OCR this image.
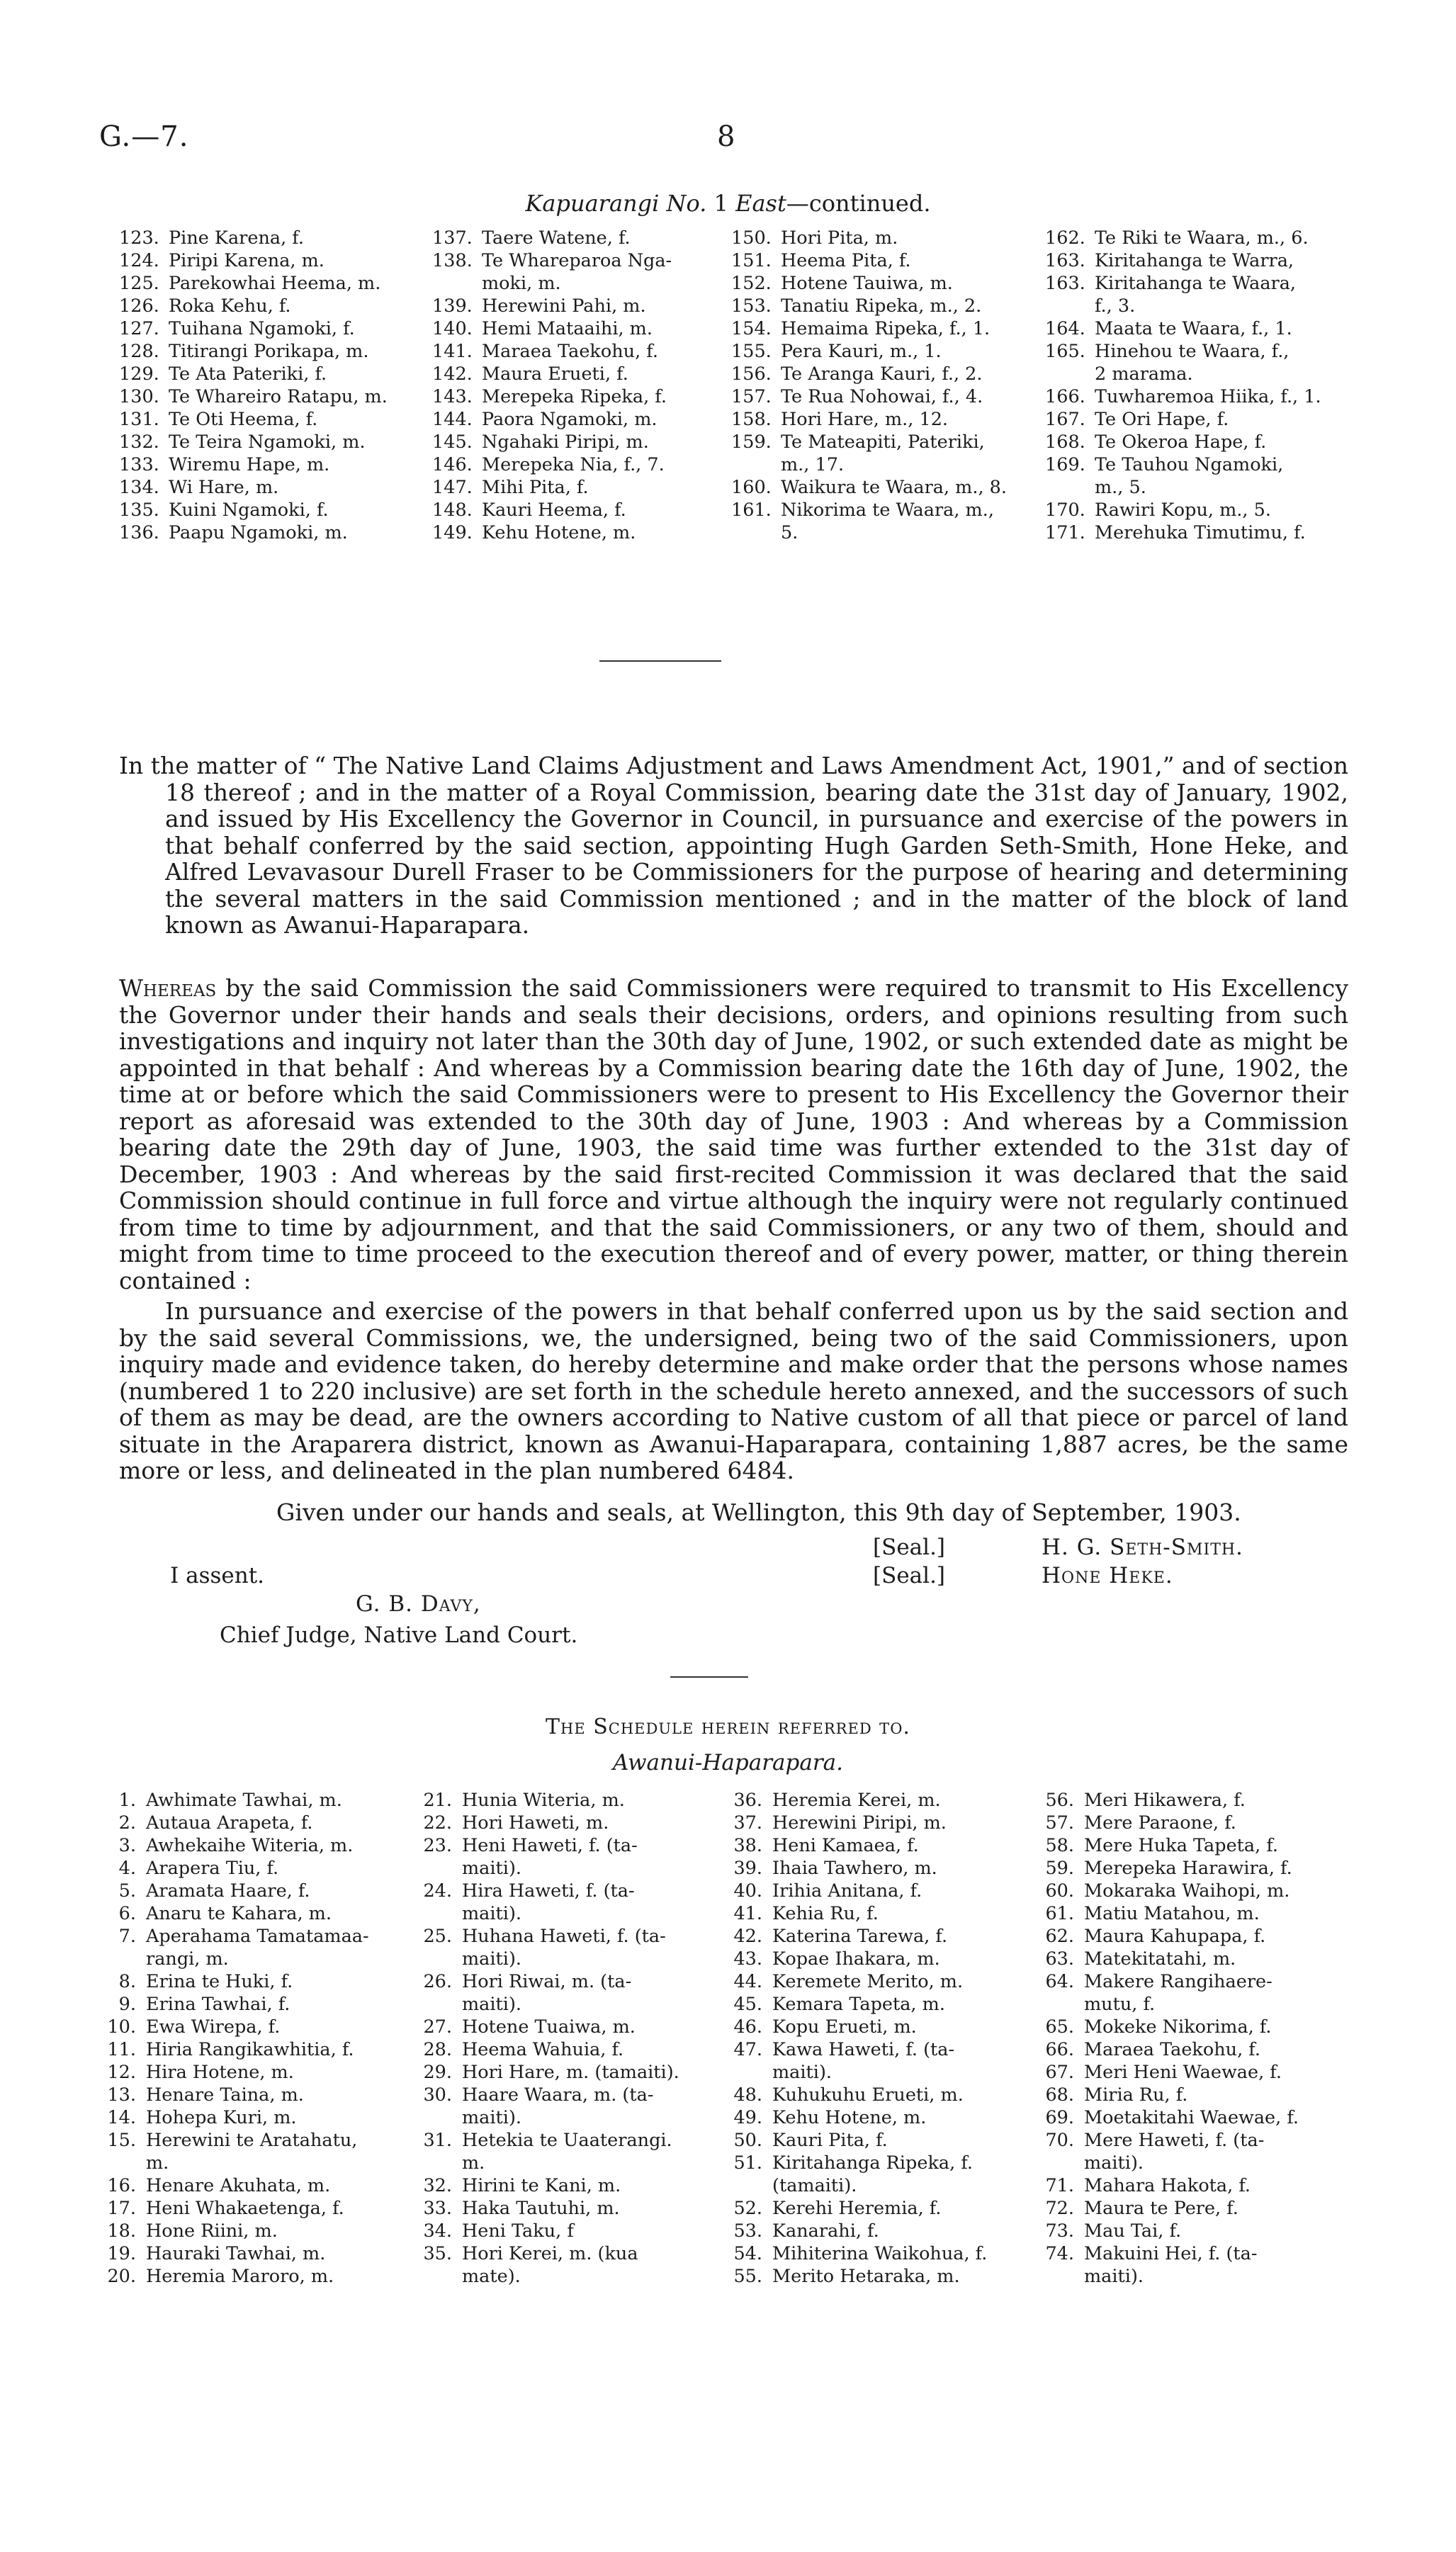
G.—7.	8
Kapuarangi No. 1 East—continued.
123. Pine Karena, f.
124. Piripi Karena, m.
125. Parekowhai Heema, m.
126. Roka Kehu, f.
127. Tuihana Ngamoki, f.
128. Titirangi Porikapa, m.
129. Te Ata Pateriki, f.
130. Te Whareiro Ratapu, m.
131. Te Oti Heema, f.
132. Te Teira Ngamoki, m.
133. Wiremu Hape, m.
134. Wi Hare, m.
135. Kuini Ngamoki, f.
136. Paapu Ngamoki, m.
137. Taere Watene, f.
138. Te Whareparoa Nga-
moki, m.
139. Herewini Pahi, m.
140. Hemi Mataaihi, m.
141. Maraea Taekohu, f.
142. Maura Erueti, f.
143. Merepeka Ripeka, f.
144. Paora Ngamoki, m.
145. Ngahaki Piripi, m.
146. Merepeka Nia, f., 7.
147. Mihi Pita, f.
148. Kauri Heema, f.
149. Kehu Hotene, m.
150. Hori Pita, m.
151. Heema Pita, f.
152. Hotene Tauiwa, m.
153. Tanatiu Ripeka, m., 2.
154. Hemaima Ripeka, f., 1.
155. Pera Kauri, m., 1.
156. Te Aranga Kauri, f., 2.
157. Te Rua Nohowai, f., 4.
158. Hori Hare, m., 12.
159. Te Mateapiti, Pateriki,
m., 17.
160. Waikura te Waara, m., 8.
161. Nikorima te Waara, m.,
5.
162. Te Riki te Waara, m., 6.
163. Kiritahanga te Warra,
163. Kiritahanga te Waara,
f., 3.
164. Maata te Waara, f., 1.
165. Hinehou te Waara, f.,
2 marama.
166. Tuwharemoa Hiika, f., 1.
167. Te Ori Hape, f.
168. Te Okeroa Hape, f.
169. Te Tauhou Ngamoki,
m., 5.
170. Rawiri Kopu, m., 5.
171. Merehuka Timutimu, f.
In the matter of “ The Native Land Claims Adjustment and Laws Amendment Act, 1901,” and of section 18 thereof ; and in the matter of a Royal Commission, bearing date the 31st day of January, 1902, and issued by His Excellency the Governor in Council, in pursuance and exercise of the powers in that behalf conferred by the said section, appointing Hugh Garden Seth-Smith, Hone Heke, and Alfred Levavasour Durell Fraser to be Commissioners for the purpose of hearing and determining the several matters in the said Commission mentioned ; and in the matter of the block of land known as Awanui-Haparapara.
Whereas by the said Commission the said Commissioners were required to transmit to His Excellency the Governor under their hands and seals their decisions, orders, and opinions resulting from such investigations and inquiry not later than the 30th day of June, 1902, or such extended date as might be appointed in that behalf : And whereas by a Commission bearing date the 16th day of June, 1902, the time at or before which the said Commissioners were to present to His Excellency the Governor their report as aforesaid was extended to the 30th day of June, 1903 : And whereas by a Commission bearing date the 29th day of June, 1903, the said time was further extended to the 31st day of December, 1903 : And whereas by the said first-recited Commission it was declared that the said Commission should continue in full force and virtue although the inquiry were not regularly continued from time to time by adjournment, and that the said Commissioners, or any two of them, should and might from time to time proceed to the execution thereof and of every power, matter, or thing therein contained :
In pursuance and exercise of the powers in that behalf conferred upon us by the said section and by the said several Commissions, we, the undersigned, being two of the said Commissioners, upon inquiry made and evidence taken, do hereby determine and make order that the persons whose names (numbered 1 to 220 inclusive) are set forth in the schedule hereto annexed, and the successors of such of them as may be dead, are the owners according to Native custom of all that piece or parcel of land situate in the Araparera district, known as Awanui-Haparapara, containing 1,887 acres, be the same more or less, and delineated in the plan numbered 6484.
Given under our hands and seals, at Wellington, this 9th day of September, 1903.
[Seal.]	H. G. Seth-Smith.
I assent.	[Seal.]	Hone Heke.
G. B. Davy,
Chief Judge, Native Land Court.
The Schedule herein referred to.
Awanui-Haparapara.
1. Awhimate Tawhai, m.
2. Autaua Arapeta, f.
3. Awhekaihe Witeria, m.
4. Arapera Tiu, f.
5. Aramata Haare, f.
6. Anaru te Kahara, m.
7. Aperahama Tamatamaa-
rangi, m.
8. Erina te Huki, f.
9. Erina Tawhai, f.
10. Ewa Wirepa, f.
11. Hiria Rangikawhitia, f.
12. Hira Hotene, m.
13. Henare Taina, m.
14. Hohepa Kuri, m.
15. Herewini te Aratahatu,
m.
16. Henare Akuhata, m.
17. Heni Whakaetenga, f.
18. Hone Riini, m.
19. Hauraki Tawhai, m.
20. Heremia Maroro, m.
21. Hunia Witeria, m.
22. Hori Haweti, m.
23. Heni Haweti, f. (ta-
maiti).
24. Hira Haweti, f. (ta-
maiti).
25. Huhana Haweti, f. (ta-
maiti).
26. Hori Riwai, m. (ta-
maiti).
27. Hotene Tuaiwa, m.
28. Heema Wahuia, f.
29. Hori Hare, m. (tamaiti).
30. Haare Waara, m. (ta-
maiti).
31. Hetekia te Uaaterangi.
m.
32. Hirini te Kani, m.
33. Haka Tautuhi, m.
34. Heni Taku, f
35. Hori Kerei, m. (kua
mate).
36. Heremia Kerei, m.
37. Herewini Piripi, m.
38. Heni Kamaea, f.
39. Ihaia Tawhero, m.
40. Irihia Anitana, f.
41. Kehia Ru, f.
42. Katerina Tarewa, f.
43. Kopae Ihakara, m.
44. Keremete Merito, m.
45. Kemara Tapeta, m.
46. Kopu Erueti, m.
47. Kawa Haweti, f. (ta-
maiti).
48. Kuhukuhu Erueti, m.
49. Kehu Hotene, m.
50. Kauri Pita, f.
51. Kiritahanga Ripeka, f.
(tamaiti).
52. Kerehi Heremia, f.
53. Kanarahi, f.
54. Mihiterina Waikohua, f.
55. Merito Hetaraka, m.
56. Meri Hikawera, f.
57. Mere Paraone, f.
58. Mere Huka Tapeta, f.
59. Merepeka Harawira, f.
60. Mokaraka Waihopi, m.
61. Matiu Matahou, m.
62. Maura Kahupapa, f.
63. Matekitatahi, m.
64. Makere Rangihaere-
mutu, f.
65. Mokeke Nikorima, f.
66. Maraea Taekohu, f.
67. Meri Heni Waewae, f.
68. Miria Ru, f.
69. Moetakitahi Waewae, f.
70. Mere Haweti, f. (ta-
maiti).
71. Mahara Hakota, f.
72. Maura te Pere, f.
73. Mau Tai, f.
74. Makuini Hei, f. (ta-
maiti).
